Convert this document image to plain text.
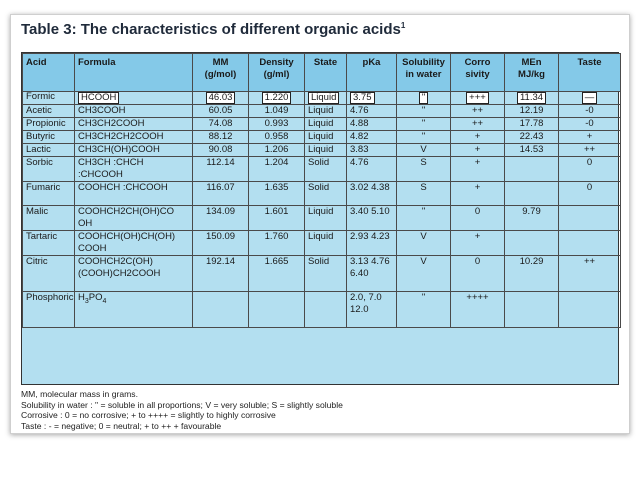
Table 3: The characteristics of different organic acids$^1$
Acid	Formula	MM (g/mol)	Density (g/ml)	State	pKa	Solubility in water	Corro sivity	MEn MJ/kg	Taste
Formic	HCOOH	46.03	1.220	Liquid	3.75	"	+++	11.34	—
Acetic	CH3COOH	60.05	1.049	Liquid	4.76	"	++	12.19	-0
Propionic	CH3CH2COOH	74.08	0.993	Liquid	4.88	"	++	17.78	-0
Butyric	CH3CH2CH2COOH	88.12	0.958	Liquid	4.82	"	+	22.43	+
Lactic	CH3CH(OH)COOH	90.08	1.206	Liquid	3.83	V	+	14.53	++
Sorbic	CH3CH :CHCH :CHCOOH	112.14	1.204	Solid	4.76	S	+		0
Fumaric	COOHCH :CHCOOH	116.07	1.635	Solid	3.02 4.38	S	+		0
Malic	COOHCH2CH(OH)CO OH	134.09	1.601	Liquid	3.40 5.10	"	0	9.79	
Tartaric	COOHCH(OH)CH(OH) COOH	150.09	1.760	Liquid	2.93 4.23	V	+		
Citric	COOHCH2C(OH) (COOH)CH2COOH	192.14	1.665	Solid	3.13 4.76 6.40	V	0	10.29	++
Phosphoric	$H_3PO_4$				2.0, 7.0 12.0	"	++++		
MM, molecular mass in grams.
Solubility in water : " = soluble in all proportions; V = very soluble; S = slightly soluble
Corrosive : 0 = no corrosive; + to ++++ = slightly to highly corrosive
Taste : - = negative; 0 = neutral; + to ++ + favourable
